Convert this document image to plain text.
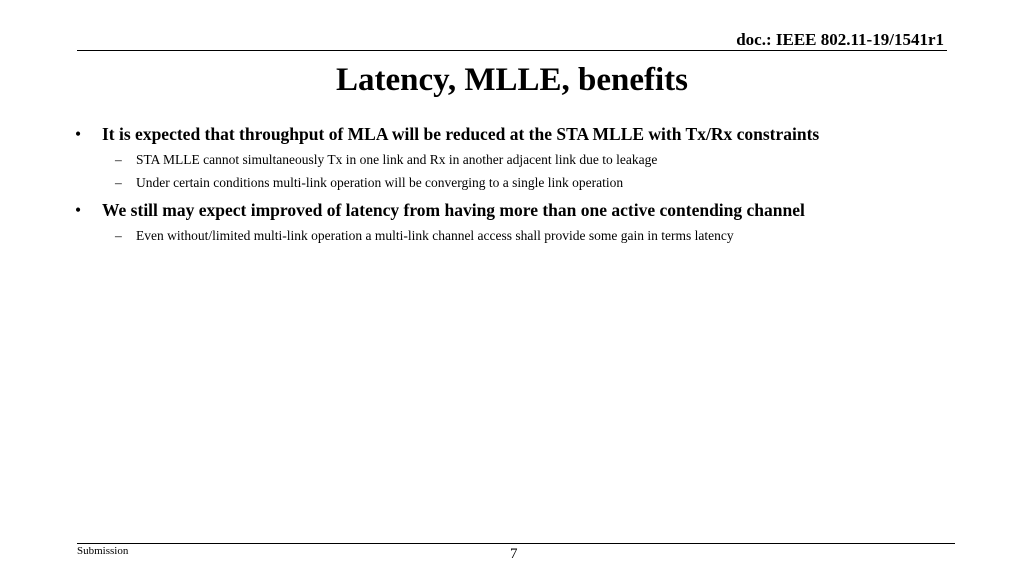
doc.: IEEE 802.11-19/1541r1
Latency, MLLE, benefits
• It is expected that throughput of MLA will be reduced at the STA MLLE with Tx/Rx constraints
– STA MLLE cannot simultaneously Tx in one link and Rx in another adjacent link due to leakage
– Under certain conditions multi-link operation will be converging to a single link operation
• We still may expect improved of latency from having more than one active contending channel
– Even without/limited multi-link operation a multi-link channel access shall provide some gain in terms latency
Submission	7
